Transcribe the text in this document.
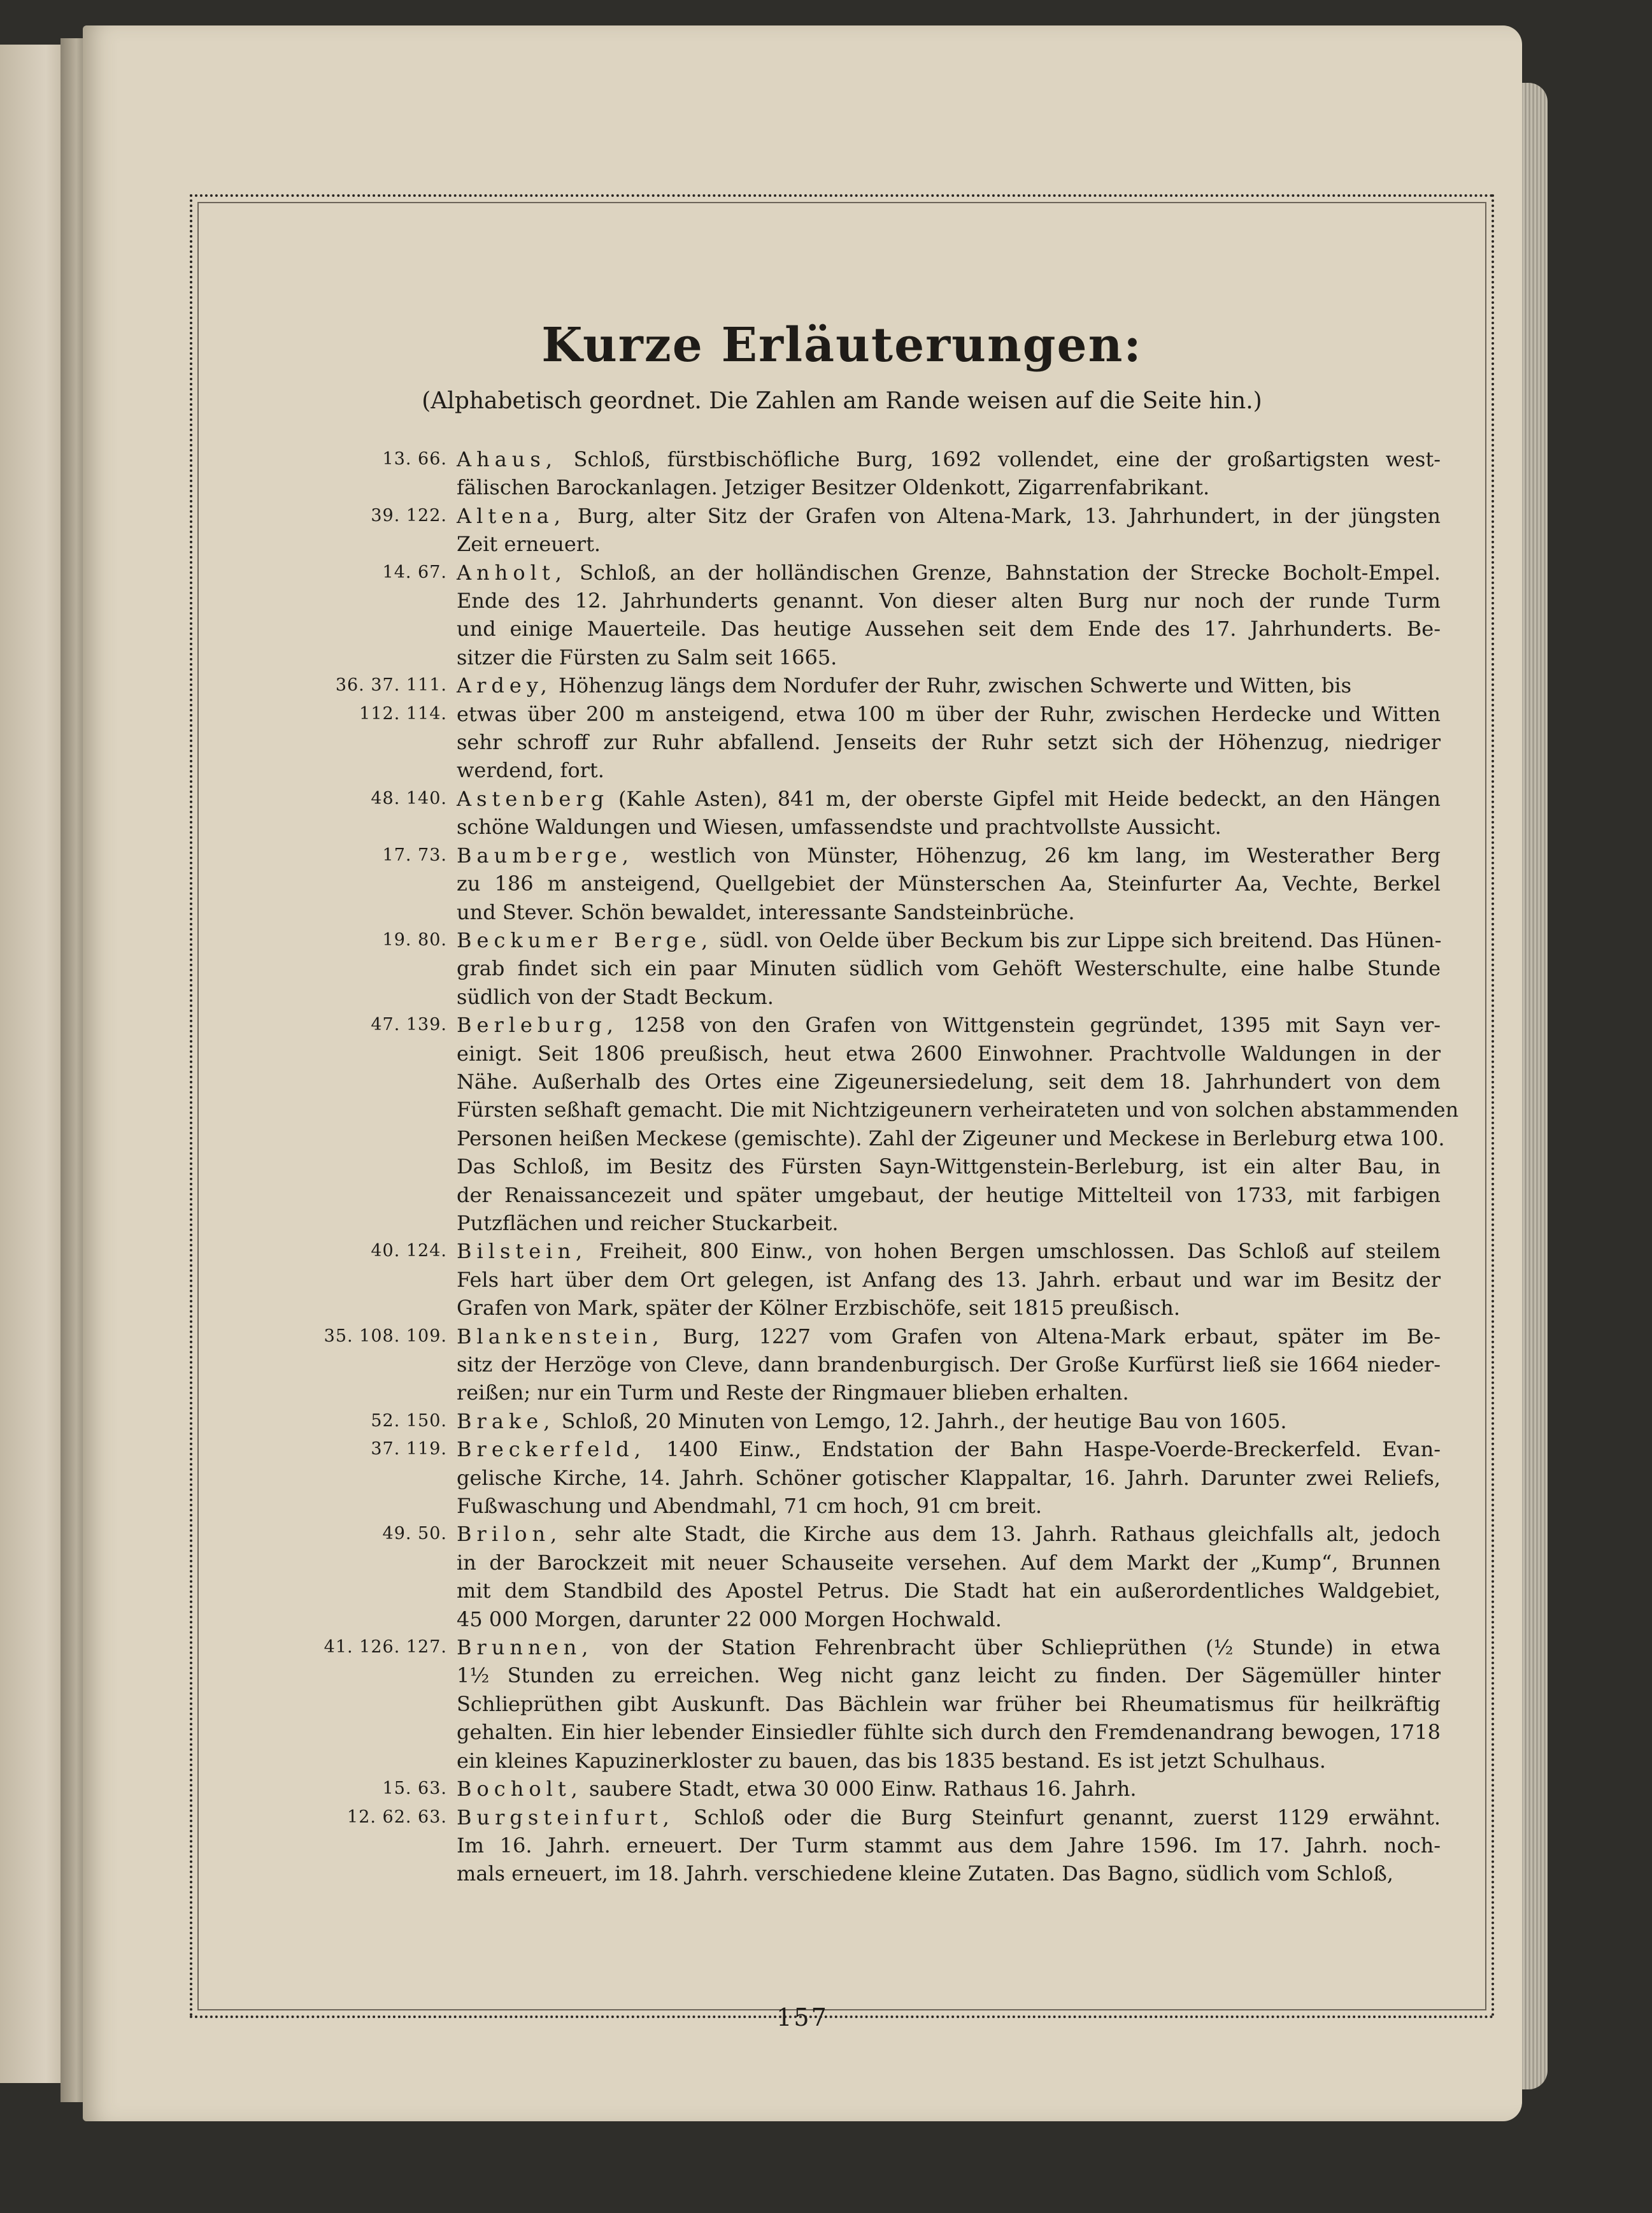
Kurze Erläuterungen:

(Alphabetisch geordnet. Die Zahlen am Rande weisen auf die Seite hin.)

13. 66. Ahaus, Schloß, fürstbischöfliche Burg, 1692 vollendet, eine der großartigsten west-
fälischen Barockanlagen. Jetziger Besitzer Oldenkott, Zigarrenfabrikant.
39. 122. Altena, Burg, alter Sitz der Grafen von Altena-Mark, 13. Jahrhundert, in der jüngsten
Zeit erneuert.
14. 67. Anholt, Schloß, an der holländischen Grenze, Bahnstation der Strecke Bocholt-Empel.
Ende des 12. Jahrhunderts genannt. Von dieser alten Burg nur noch der runde Turm
und einige Mauerteile. Das heutige Aussehen seit dem Ende des 17. Jahrhunderts. Be-
sitzer die Fürsten zu Salm seit 1665.
36. 37. 111. Ardey, Höhenzug längs dem Nordufer der Ruhr, zwischen Schwerte und Witten, bis
112. 114. etwas über 200 m ansteigend, etwa 100 m über der Ruhr, zwischen Herdecke und Witten
sehr schroff zur Ruhr abfallend. Jenseits der Ruhr setzt sich der Höhenzug, niedriger
werdend, fort.
48. 140. Astenberg (Kahle Asten), 841 m, der oberste Gipfel mit Heide bedeckt, an den Hängen
schöne Waldungen und Wiesen, umfassendste und prachtvollste Aussicht.
17. 73. Baumberge, westlich von Münster, Höhenzug, 26 km lang, im Westerather Berg
zu 186 m ansteigend, Quellgebiet der Münsterschen Aa, Steinfurter Aa, Vechte, Berkel
und Stever. Schön bewaldet, interessante Sandsteinbrüche.
19. 80. Beckumer Berge, südl. von Oelde über Beckum bis zur Lippe sich breitend. Das Hünen-
grab findet sich ein paar Minuten südlich vom Gehöft Westerschulte, eine halbe Stunde
südlich von der Stadt Beckum.
47. 139. Berleburg, 1258 von den Grafen von Wittgenstein gegründet, 1395 mit Sayn ver-
einigt. Seit 1806 preußisch, heut etwa 2600 Einwohner. Prachtvolle Waldungen in der
Nähe. Außerhalb des Ortes eine Zigeunersiedelung, seit dem 18. Jahrhundert von dem
Fürsten seßhaft gemacht. Die mit Nichtzigeunern verheirateten und von solchen abstammenden
Personen heißen Meckese (gemischte). Zahl der Zigeuner und Meckese in Berleburg etwa 100.
Das Schloß, im Besitz des Fürsten Sayn-Wittgenstein-Berleburg, ist ein alter Bau, in
der Renaissancezeit und später umgebaut, der heutige Mittelteil von 1733, mit farbigen
Putzflächen und reicher Stuckarbeit.
40. 124. Bilstein, Freiheit, 800 Einw., von hohen Bergen umschlossen. Das Schloß auf steilem
Fels hart über dem Ort gelegen, ist Anfang des 13. Jahrh. erbaut und war im Besitz der
Grafen von Mark, später der Kölner Erzbischöfe, seit 1815 preußisch.
35. 108. 109. Blankenstein, Burg, 1227 vom Grafen von Altena-Mark erbaut, später im Be-
sitz der Herzöge von Cleve, dann brandenburgisch. Der Große Kurfürst ließ sie 1664 nieder-
reißen; nur ein Turm und Reste der Ringmauer blieben erhalten.
52. 150. Brake, Schloß, 20 Minuten von Lemgo, 12. Jahrh., der heutige Bau von 1605.
37. 119. Breckerfeld, 1400 Einw., Endstation der Bahn Haspe-Voerde-Breckerfeld. Evan-
gelische Kirche, 14. Jahrh. Schöner gotischer Klappaltar, 16. Jahrh. Darunter zwei Reliefs,
Fußwaschung und Abendmahl, 71 cm hoch, 91 cm breit.
49. 50. Brilon, sehr alte Stadt, die Kirche aus dem 13. Jahrh. Rathaus gleichfalls alt, jedoch
in der Barockzeit mit neuer Schauseite versehen. Auf dem Markt der „Kump“, Brunnen
mit dem Standbild des Apostel Petrus. Die Stadt hat ein außerordentliches Waldgebiet,
45 000 Morgen, darunter 22 000 Morgen Hochwald.
41. 126. 127. Brunnen, von der Station Fehrenbracht über Schlieprüthen (½ Stunde) in etwa
1½ Stunden zu erreichen. Weg nicht ganz leicht zu finden. Der Sägemüller hinter
Schlieprüthen gibt Auskunft. Das Bächlein war früher bei Rheumatismus für heilkräftig
gehalten. Ein hier lebender Einsiedler fühlte sich durch den Fremdenandrang bewogen, 1718
ein kleines Kapuzinerkloster zu bauen, das bis 1835 bestand. Es ist jetzt Schulhaus.
15. 63. Bocholt, saubere Stadt, etwa 30 000 Einw. Rathaus 16. Jahrh.
12. 62. 63. Burgsteinfurt, Schloß oder die Burg Steinfurt genannt, zuerst 1129 erwähnt.
Im 16. Jahrh. erneuert. Der Turm stammt aus dem Jahre 1596. Im 17. Jahrh. noch-
mals erneuert, im 18. Jahrh. verschiedene kleine Zutaten. Das Bagno, südlich vom Schloß,

157
